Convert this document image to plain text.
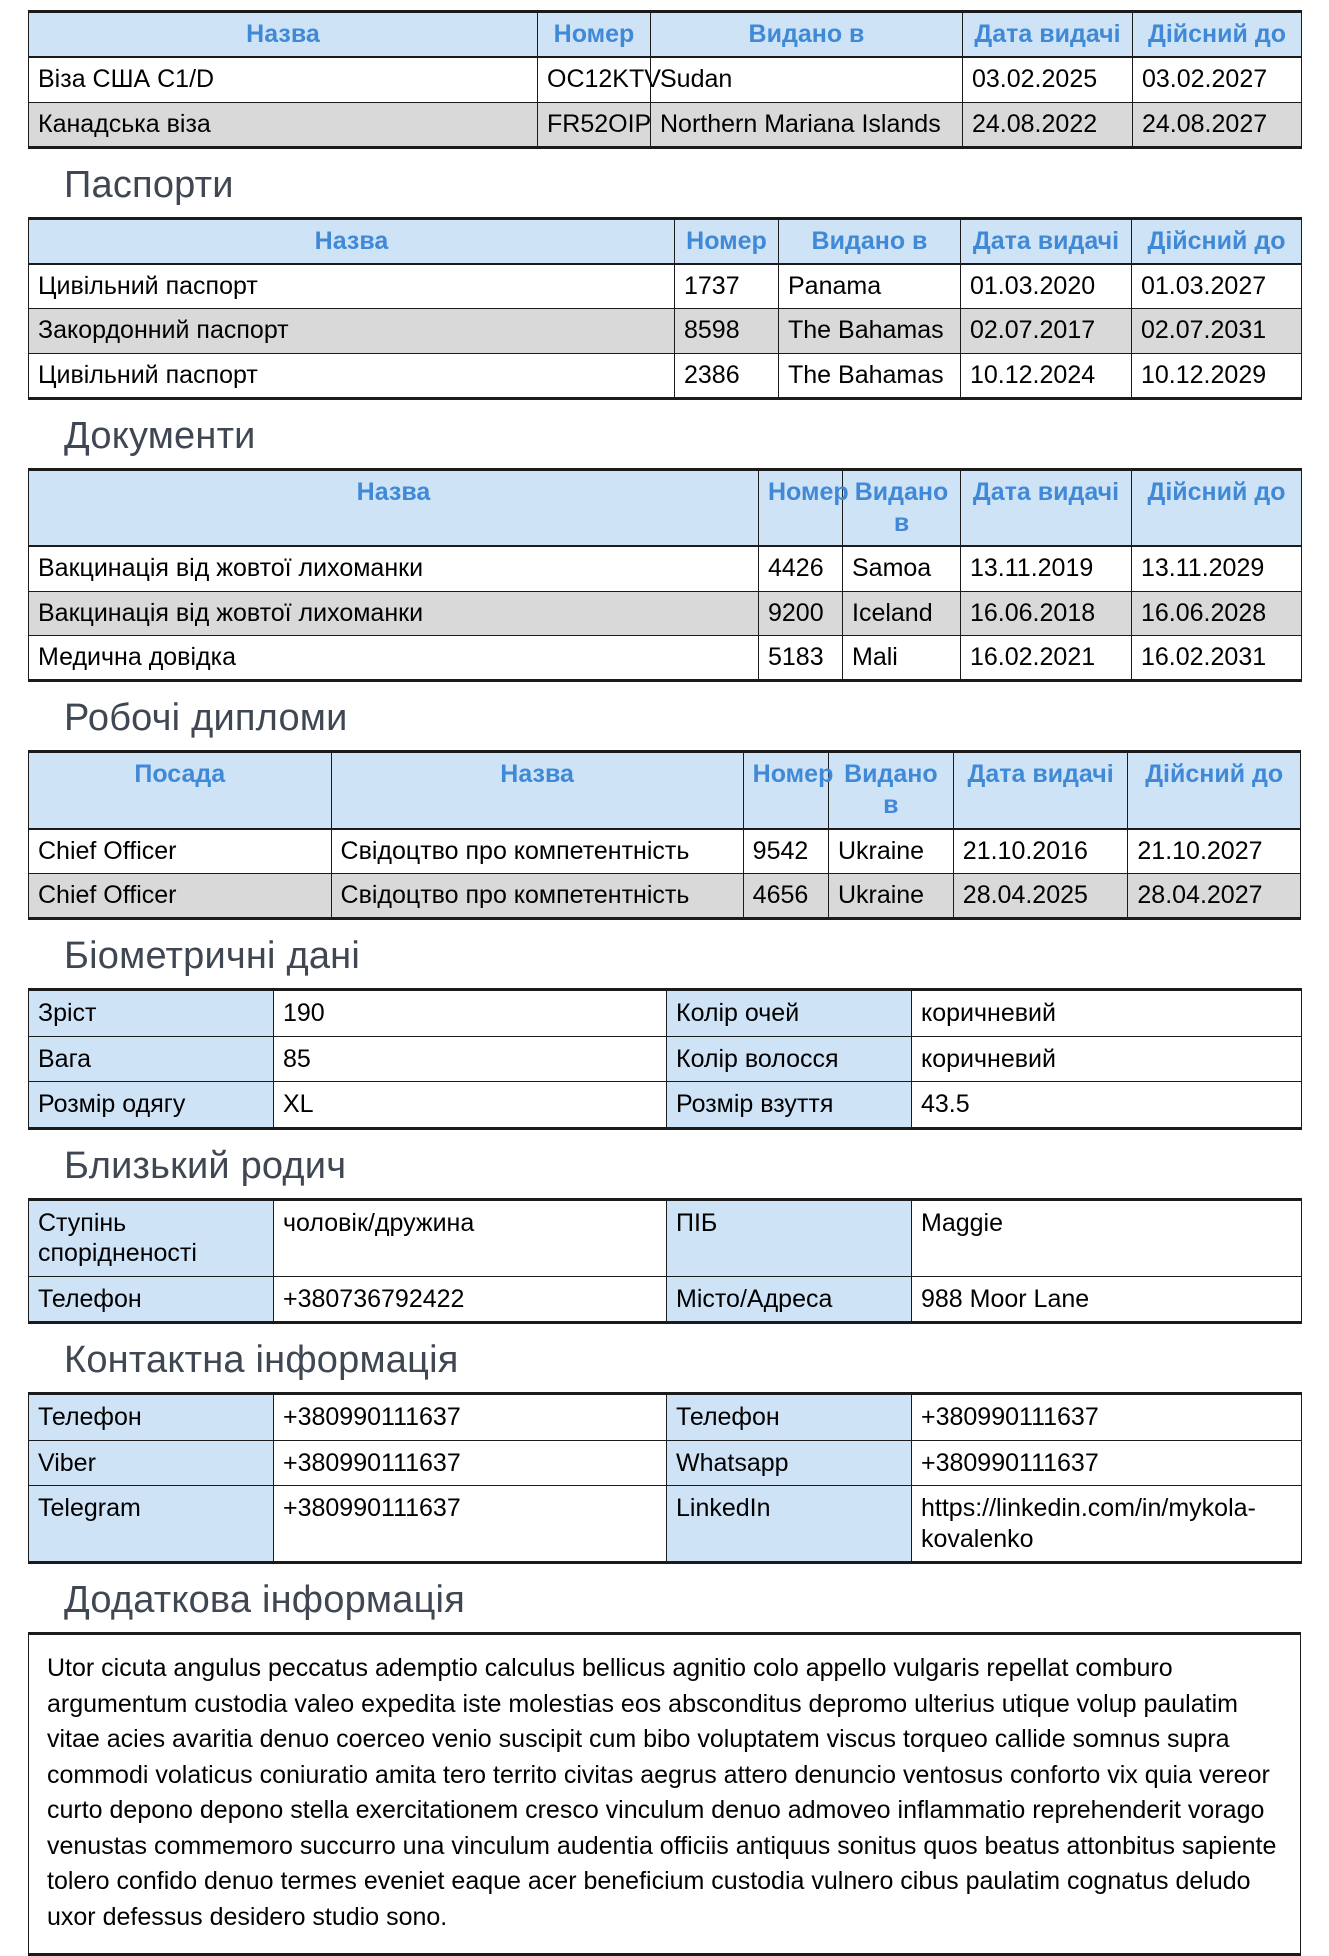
Назва	Номер	Видано в	Дата видачі	Дійсний до
Віза США C1/D	OC12KTV	Sudan	03.02.2025	03.02.2027
Канадська віза	FR52OIP	Northern Mariana Islands	24.08.2022	24.08.2027
Паспорти
Назва	Номер	Видано в	Дата видачі	Дійсний до
Цивільний паспорт	1737	Panama	01.03.2020	01.03.2027
Закордонний паспорт	8598	The Bahamas	02.07.2017	02.07.2031
Цивільний паспорт	2386	The Bahamas	10.12.2024	10.12.2029
Документи
Назва	Номер	Видано в	Дата видачі	Дійсний до
Вакцинація від жовтої лихоманки	4426	Samoa	13.11.2019	13.11.2029
Вакцинація від жовтої лихоманки	9200	Iceland	16.06.2018	16.06.2028
Медична довідка	5183	Mali	16.02.2021	16.02.2031
Робочі дипломи
Посада	Назва	Номер	Видано в	Дата видачі	Дійсний до
Chief Officer	Свідоцтво про компетентність	9542	Ukraine	21.10.2016	21.10.2027
Chief Officer	Свідоцтво про компетентність	4656	Ukraine	28.04.2025	28.04.2027
Біометричні дані
Зріст	190	Колір очей	коричневий
Вага	85	Колір волосся	коричневий
Розмір одягу	XL	Розмір взуття	43.5
Близький родич
Ступінь спорідненості	чоловік/дружина	ПІБ	Maggie
Телефон	+380736792422	Місто/Адреса	988 Moor Lane
Контактна інформація
Телефон	+380990111637	Телефон	+380990111637
Viber	+380990111637	Whatsapp	+380990111637
Telegram	+380990111637	LinkedIn	https://linkedin.com/in/mykola-kovalenko
Додаткова інформація
Utor cicuta angulus peccatus ademptio calculus bellicus agnitio colo appello vulgaris repellat comburo argumentum custodia valeo expedita iste molestias eos absconditus depromo ulterius utique volup paulatim vitae acies avaritia denuo coerceo venio suscipit cum bibo voluptatem viscus torqueo callide somnus supra commodi volaticus coniuratio amita tero territo civitas aegrus attero denuncio ventosus conforto vix quia vereor curto depono depono stella exercitationem cresco vinculum denuo admoveo inflammatio reprehenderit vorago venustas commemoro succurro una vinculum audentia officiis antiquus sonitus quos beatus attonbitus sapiente tolero confido denuo termes eveniet eaque acer beneficium custodia vulnero cibus paulatim cognatus deludo uxor defessus desidero studio sono.
